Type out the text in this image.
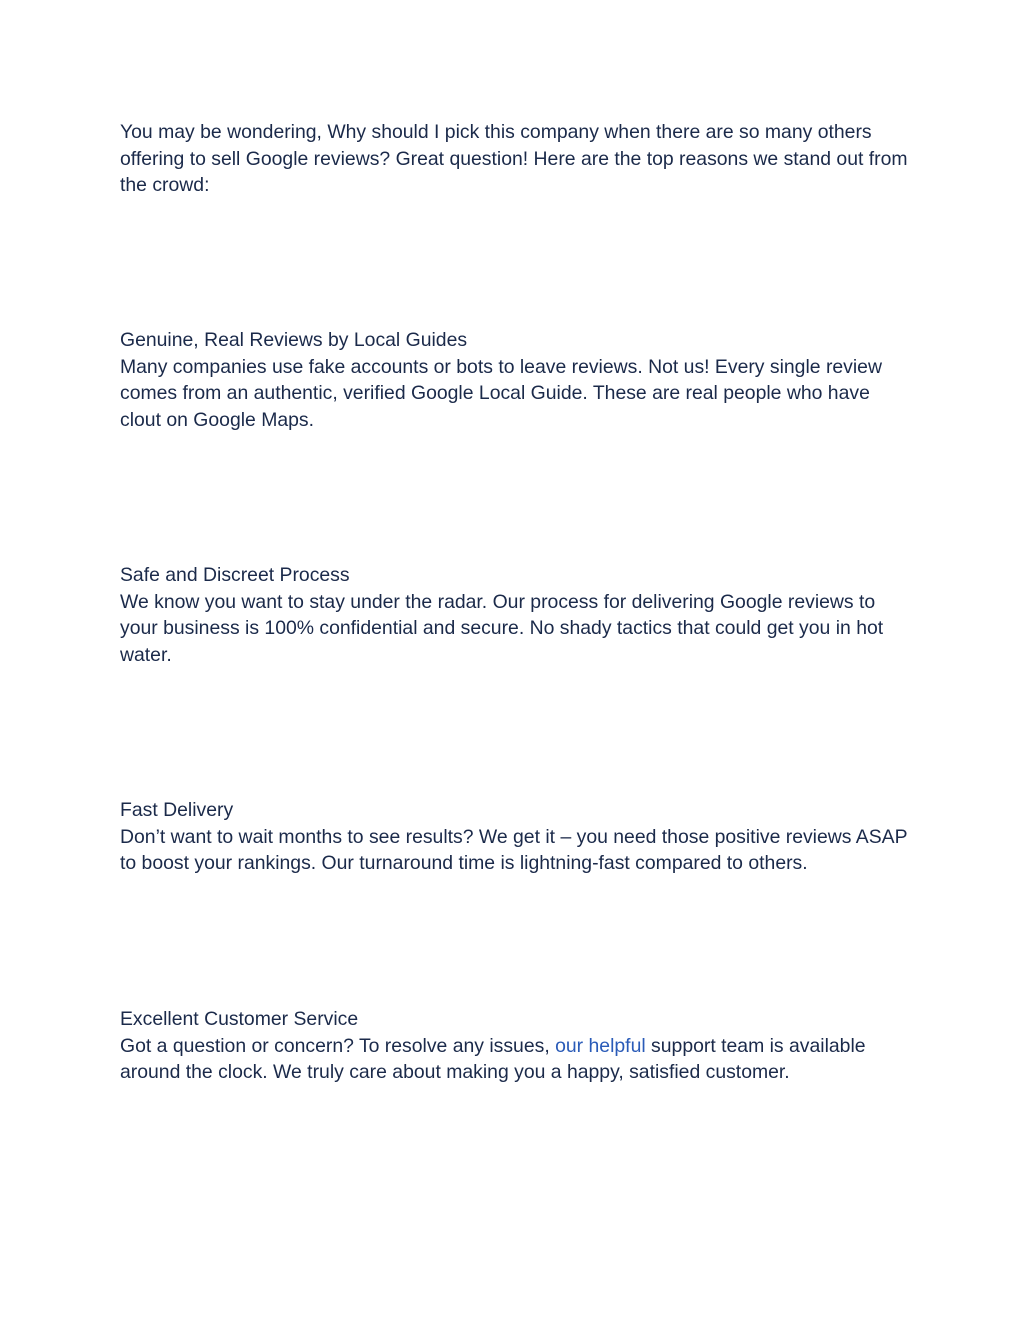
You may be wondering, Why should I pick this company when there are so many others offering to sell Google reviews? Great question! Here are the top reasons we stand out from the crowd:

Genuine, Real Reviews by Local Guides

Many companies use fake accounts or bots to leave reviews. Not us! Every single review comes from an authentic, verified Google Local Guide. These are real people who have clout on Google Maps.

Safe and Discreet Process

We know you want to stay under the radar. Our process for delivering Google reviews to your business is 100% confidential and secure. No shady tactics that could get you in hot water.

Fast Delivery

Don’t want to wait months to see results? We get it – you need those positive reviews ASAP to boost your rankings. Our turnaround time is lightning-fast compared to others.

Excellent Customer Service

Got a question or concern? To resolve any issues, our helpful support team is available around the clock. We truly care about making you a happy, satisfied customer.
